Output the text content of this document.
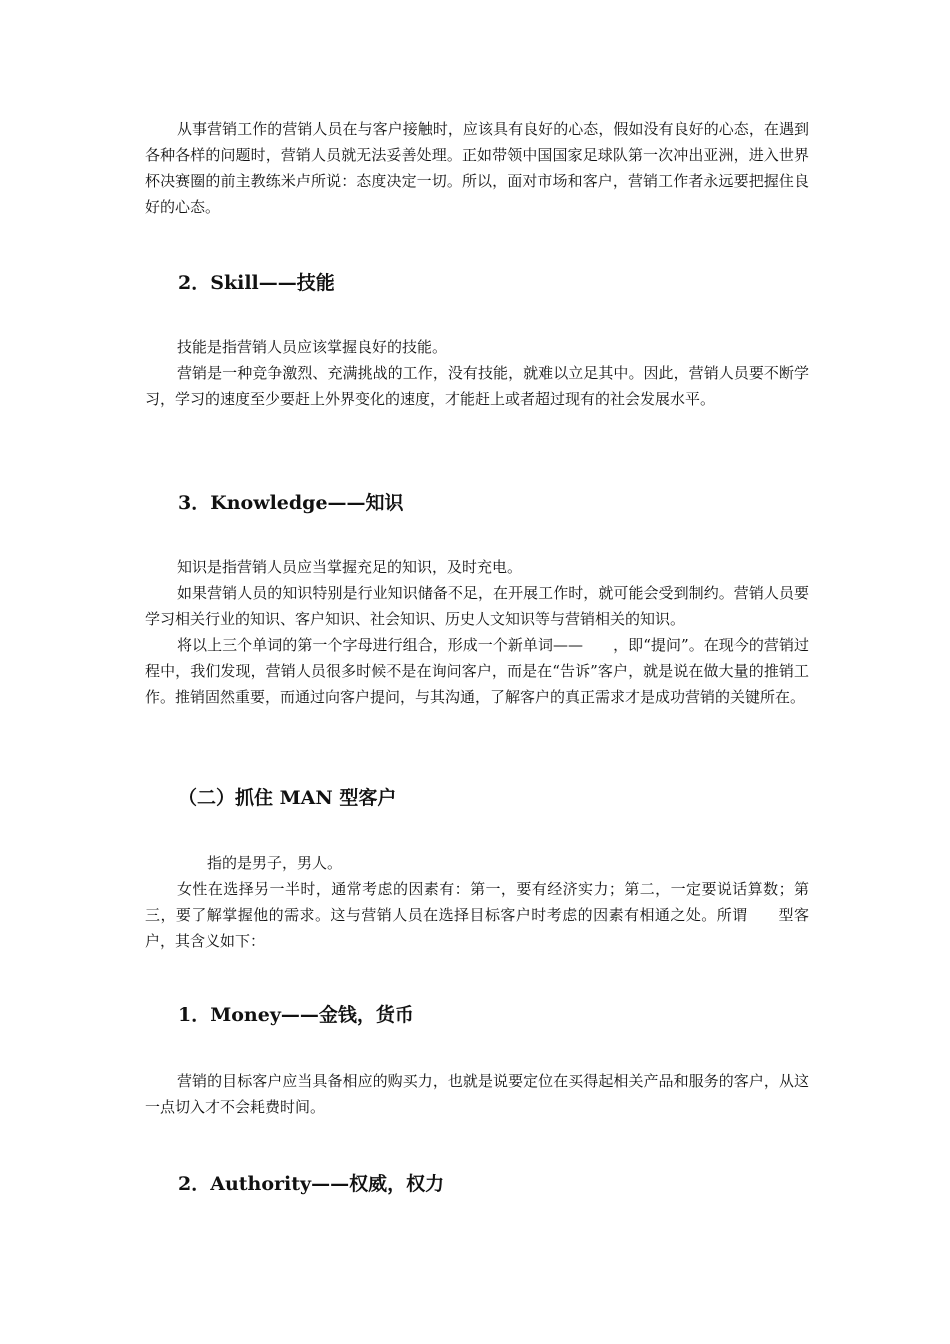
从事营销工作的营销人员在与客户接触时，应该具有良好的心态，假如没有良好的心态，在遇到各种各样的问题时，营销人员就无法妥善处理。正如带领中国国家足球队第一次冲出亚洲，进入世界杯决赛圈的前主教练米卢所说：态度决定一切。所以，面对市场和客户，营销工作者永远要把握住良好的心态。

2．Skill——技能

技能是指营销人员应该掌握良好的技能。

营销是一种竞争激烈、充满挑战的工作，没有技能，就难以立足其中。因此，营销人员要不断学习，学习的速度至少要赶上外界变化的速度，才能赶上或者超过现有的社会发展水平。

3．Knowledge——知识

知识是指营销人员应当掌握充足的知识，及时充电。

如果营销人员的知识特别是行业知识储备不足，在开展工作时，就可能会受到制约。营销人员要学习相关行业的知识、客户知识、社会知识、历史人文知识等与营销相关的知识。

将以上三个单词的第一个字母进行组合，形成一个新单词——　　，即“提问”。在现今的营销过程中，我们发现，营销人员很多时候不是在询问客户，而是在“告诉”客户，就是说在做大量的推销工作。推销固然重要，而通过向客户提问，与其沟通，了解客户的真正需求才是成功营销的关键所在。

（二）抓住 MAN 型客户

指的是男子，男人。

女性在选择另一半时，通常考虑的因素有：第一，要有经济实力；第二，一定要说话算数；第三，要了解掌握他的需求。这与营销人员在选择目标客户时考虑的因素有相通之处。所谓　　型客户，其含义如下：

1．Money——金钱，货币

营销的目标客户应当具备相应的购买力，也就是说要定位在买得起相关产品和服务的客户，从这一点切入才不会耗费时间。

2．Authority——权威，权力
